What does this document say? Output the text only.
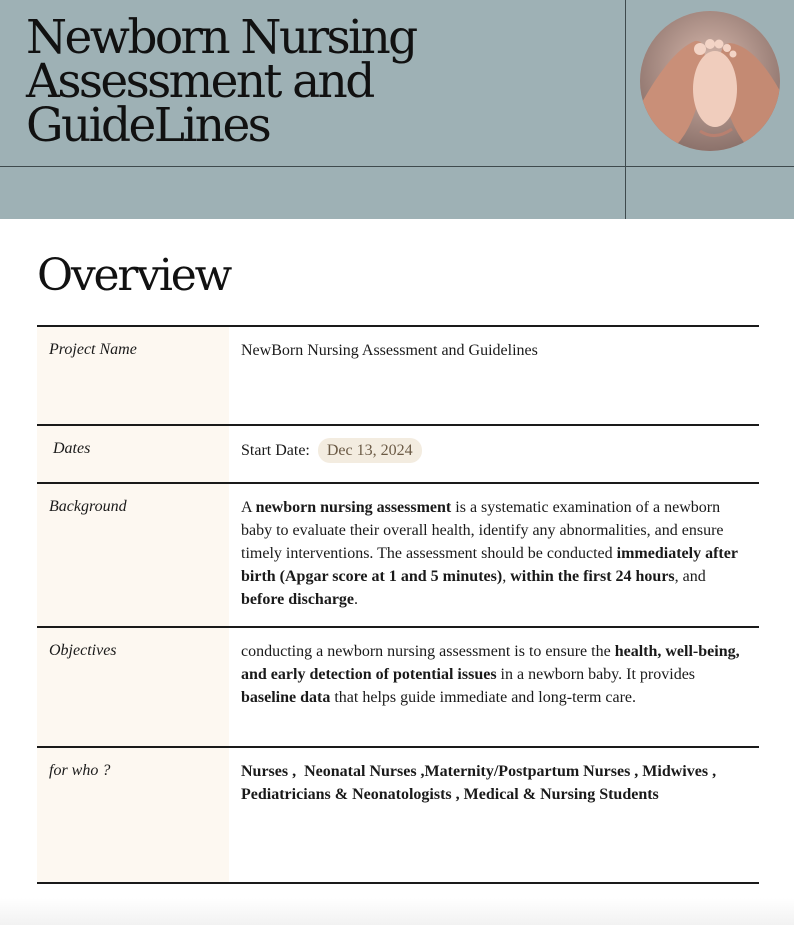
Newborn Nursing
Assessment and
GuideLines
Overview
Project Name	NewBorn Nursing Assessment and Guidelines
Dates	Start Date: Dec 13, 2024
Background	A newborn nursing assessment is a systematic examination of a newborn baby to evaluate their overall health, identify any abnormalities, and ensure timely interventions. The assessment should be conducted immediately after birth (Apgar score at 1 and 5 minutes), within the first 24 hours, and before discharge.
Objectives	conducting a newborn nursing assessment is to ensure the health, well-being, and early detection of potential issues in a newborn baby. It provides baseline data that helps guide immediate and long-term care.
for who ?	Nurses ,  Neonatal Nurses ,Maternity/Postpartum Nurses , Midwives , Pediatricians & Neonatologists , Medical & Nursing Students
